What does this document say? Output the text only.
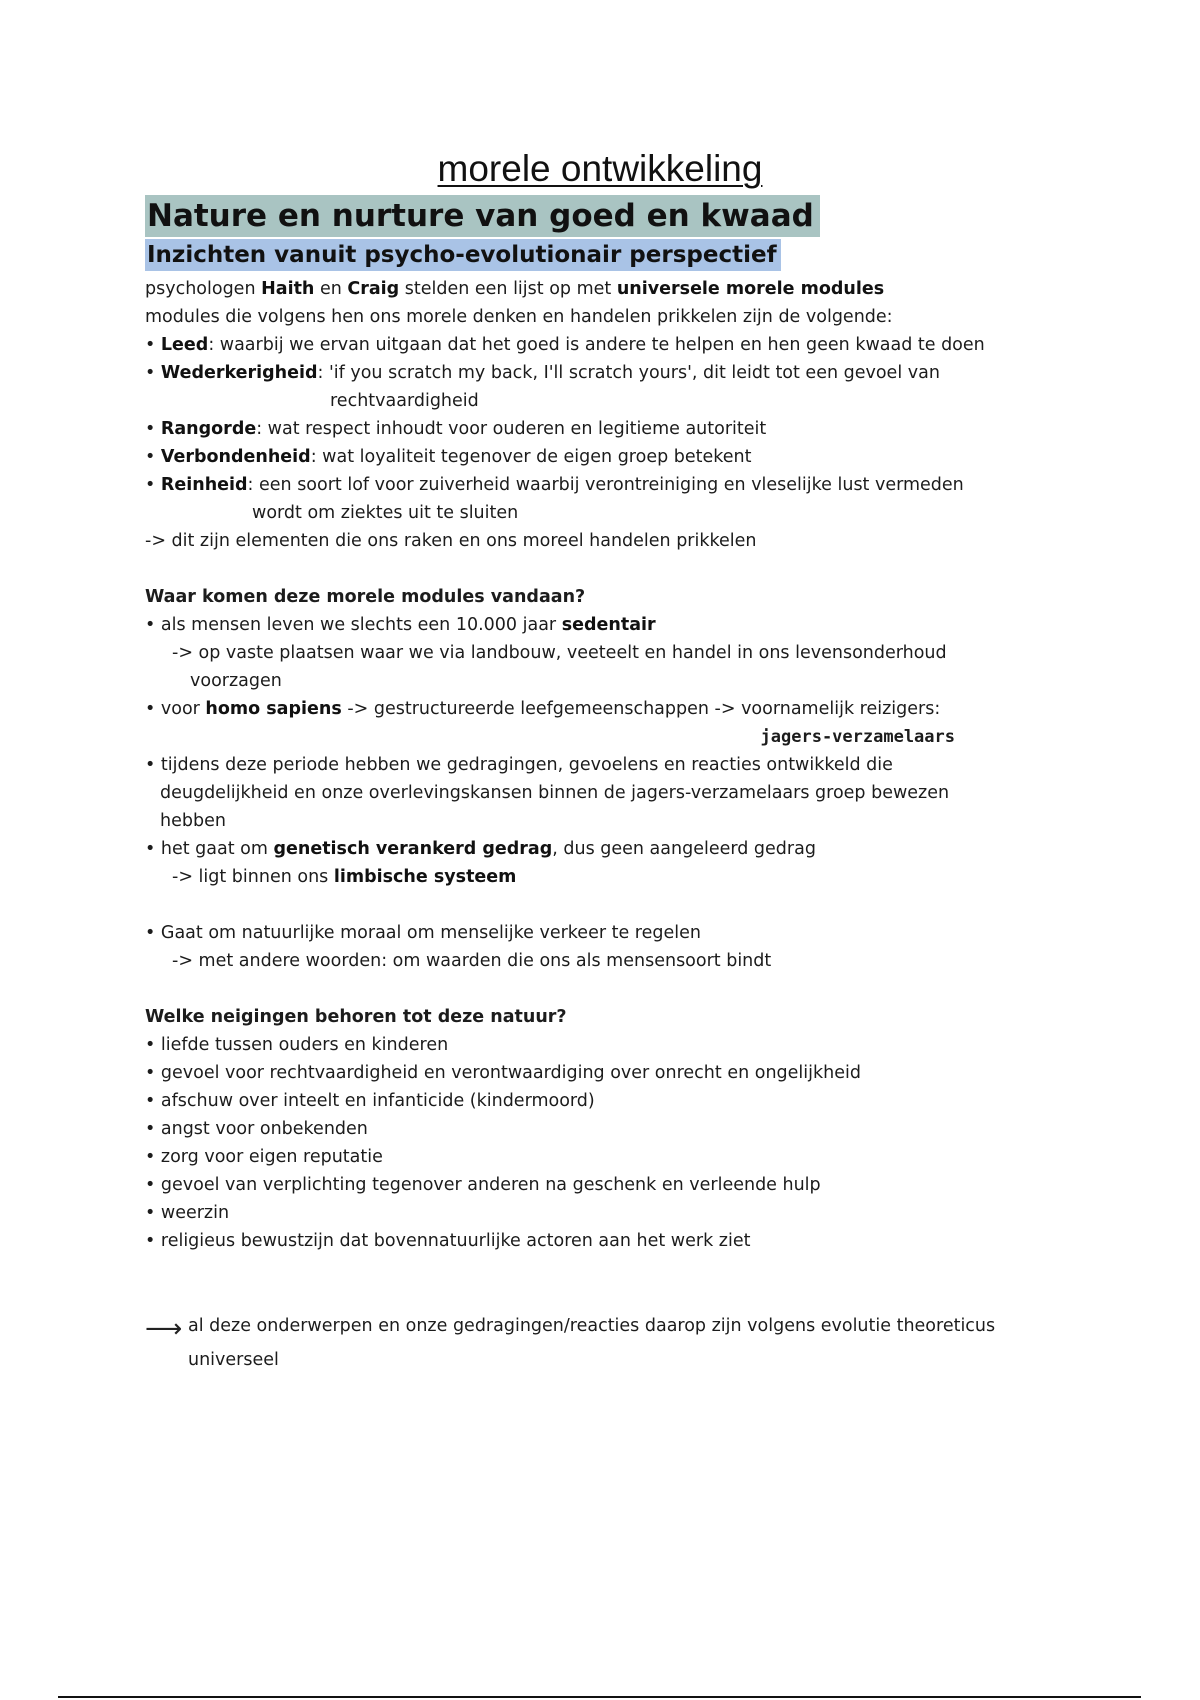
morele ontwikkeling
Nature en nurture van goed en kwaad
Inzichten vanuit psycho-evolutionair perspectief
psychologen Haith en Craig stelden een lijst op met universele morele modules
modules die volgens hen ons morele denken en handelen prikkelen zijn de volgende:
• Leed: waarbij we ervan uitgaan dat het goed is andere te helpen en hen geen kwaad te doen
• Wederkerigheid: 'if you scratch my back, I'll scratch yours', dit leidt tot een gevoel van
rechtvaardigheid
• Rangorde: wat respect inhoudt voor ouderen en legitieme autoriteit
• Verbondenheid: wat loyaliteit tegenover de eigen groep betekent
• Reinheid: een soort lof voor zuiverheid waarbij verontreiniging en vleselijke lust vermeden
wordt om ziektes uit te sluiten
-> dit zijn elementen die ons raken en ons moreel handelen prikkelen
Waar komen deze morele modules vandaan?
• als mensen leven we slechts een 10.000 jaar sedentair
-> op vaste plaatsen waar we via landbouw, veeteelt en handel in ons levensonderhoud
voorzagen
• voor homo sapiens -> gestructureerde leefgemeenschappen -> voornamelijk reizigers:
jagers-verzamelaars
• tijdens deze periode hebben we gedragingen, gevoelens en reacties ontwikkeld die
deugdelijkheid en onze overlevingskansen binnen de jagers-verzamelaars groep bewezen
hebben
• het gaat om genetisch verankerd gedrag, dus geen aangeleerd gedrag
-> ligt binnen ons limbische systeem
• Gaat om natuurlijke moraal om menselijke verkeer te regelen
-> met andere woorden: om waarden die ons als mensensoort bindt
Welke neigingen behoren tot deze natuur?
• liefde tussen ouders en kinderen
• gevoel voor rechtvaardigheid en verontwaardiging over onrecht en ongelijkheid
• afschuw over inteelt en infanticide (kindermoord)
• angst voor onbekenden
• zorg voor eigen reputatie
• gevoel van verplichting tegenover anderen na geschenk en verleende hulp
• weerzin
• religieus bewustzijn dat bovennatuurlijke actoren aan het werk ziet
⟶ al deze onderwerpen en onze gedragingen/reacties daarop zijn volgens evolutie theoreticus
universeel
